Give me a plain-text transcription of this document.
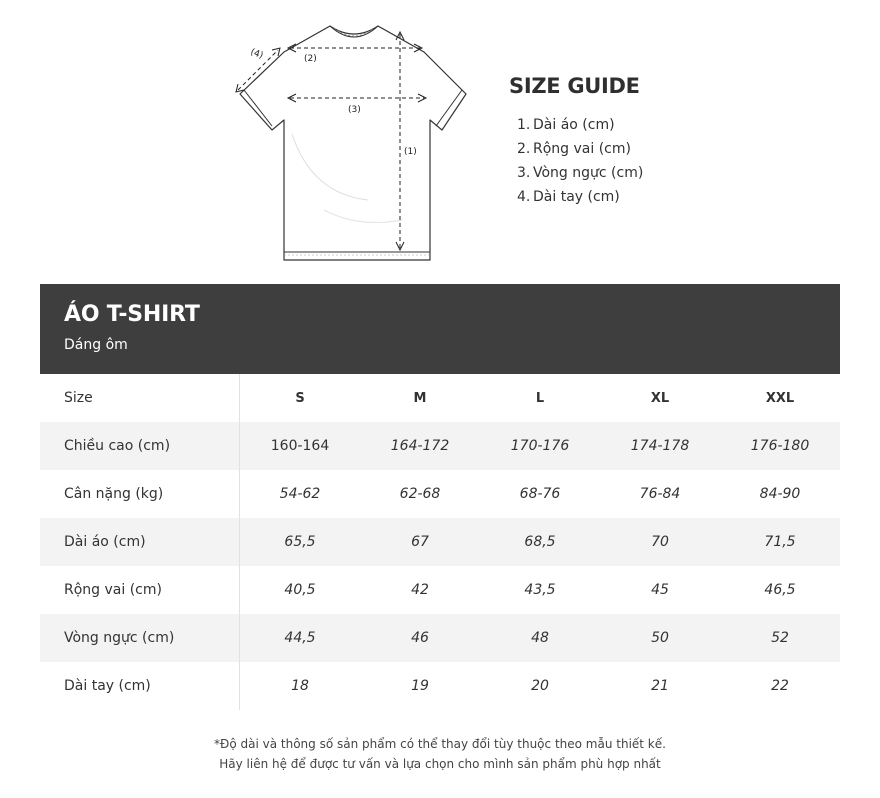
(1)
(2)
(3)
(4)
SIZE GUIDE
1. Dài áo (cm)
2. Rộng vai (cm)
3. Vòng ngực (cm)
4. Dài tay (cm)
ÁO T-SHIRT
Dáng ôm
Size	S	M	L	XL	XXL
Chiều cao (cm)	160-164	164-172	170-176	174-178	176-180
Cân nặng (kg)	54-62	62-68	68-76	76-84	84-90
Dài áo (cm)	65,5	67	68,5	70	71,5
Rộng vai (cm)	40,5	42	43,5	45	46,5
Vòng ngực (cm)	44,5	46	48	50	52
Dài tay (cm)	18	19	20	21	22
*Độ dài và thông số sản phẩm có thể thay đổi tùy thuộc theo mẫu thiết kế.
Hãy liên hệ để được tư vấn và lựa chọn cho mình sản phẩm phù hợp nhất
